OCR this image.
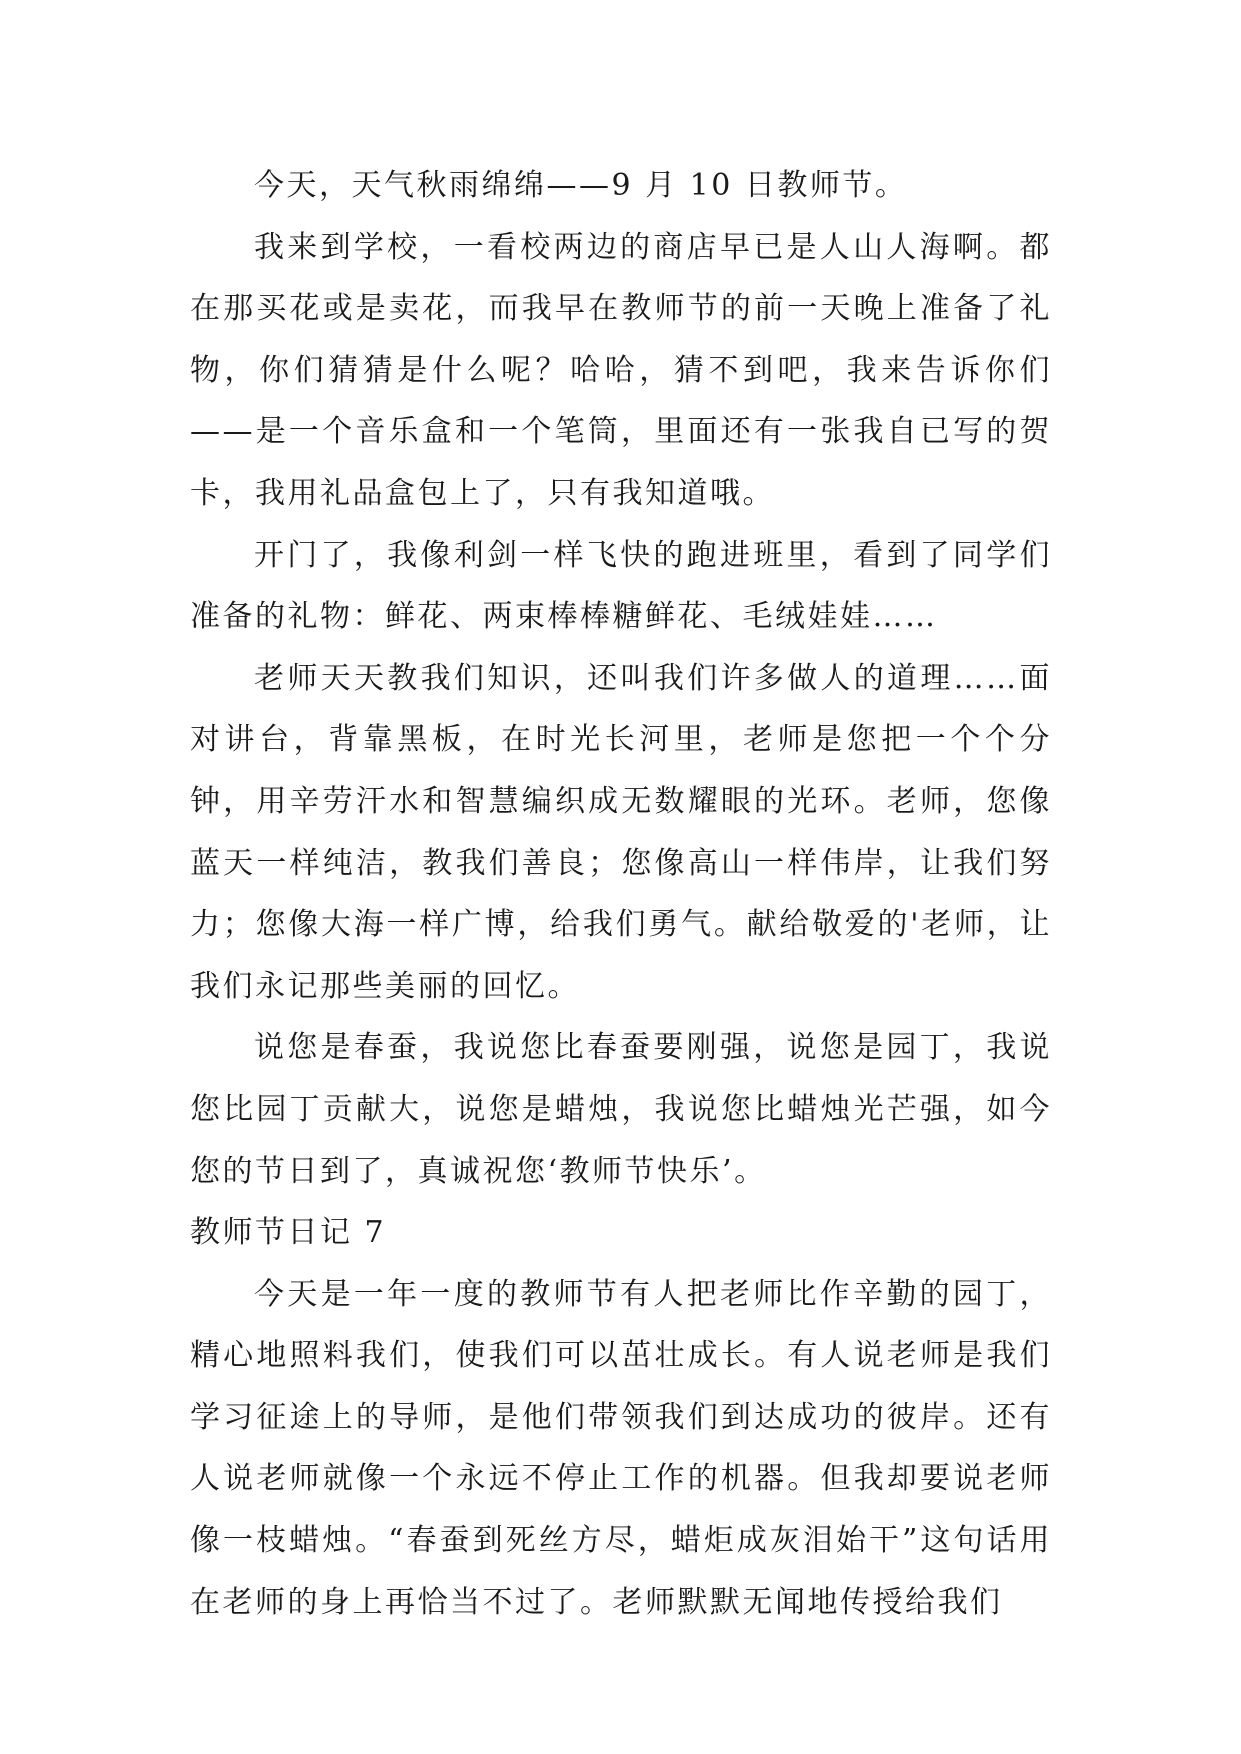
今天，天气秋雨绵绵——9 月 10 日教师节。

我来到学校，一看校两边的商店早已是人山人海啊。都在那买花或是卖花，而我早在教师节的前一天晚上准备了礼物，你们猜猜是什么呢？哈哈，猜不到吧，我来告诉你们——是一个音乐盒和一个笔筒，里面还有一张我自已写的贺卡，我用礼品盒包上了，只有我知道哦。

开门了，我像利剑一样飞快的跑进班里，看到了同学们准备的礼物：鲜花、两束棒棒糖鲜花、毛绒娃娃……

老师天天教我们知识，还叫我们许多做人的道理……面对讲台，背靠黑板，在时光长河里，老师是您把一个个分钟，用辛劳汗水和智慧编织成无数耀眼的光环。老师，您像蓝天一样纯洁，教我们善良；您像高山一样伟岸，让我们努力；您像大海一样广博，给我们勇气。献给敬爱的'老师，让我们永记那些美丽的回忆。

说您是春蚕，我说您比春蚕要刚强，说您是园丁，我说您比园丁贡献大，说您是蜡烛，我说您比蜡烛光芒强，如今您的节日到了，真诚祝您‘教师节快乐’。

教师节日记 7

今天是一年一度的教师节有人把老师比作辛勤的园丁，精心地照料我们，使我们可以茁壮成长。有人说老师是我们学习征途上的导师，是他们带领我们到达成功的彼岸。还有人说老师就像一个永远不停止工作的机器。但我却要说老师像一枝蜡烛。“春蚕到死丝方尽，蜡炬成灰泪始干”这句话用在老师的身上再恰当不过了。老师默默无闻地传授给我们
